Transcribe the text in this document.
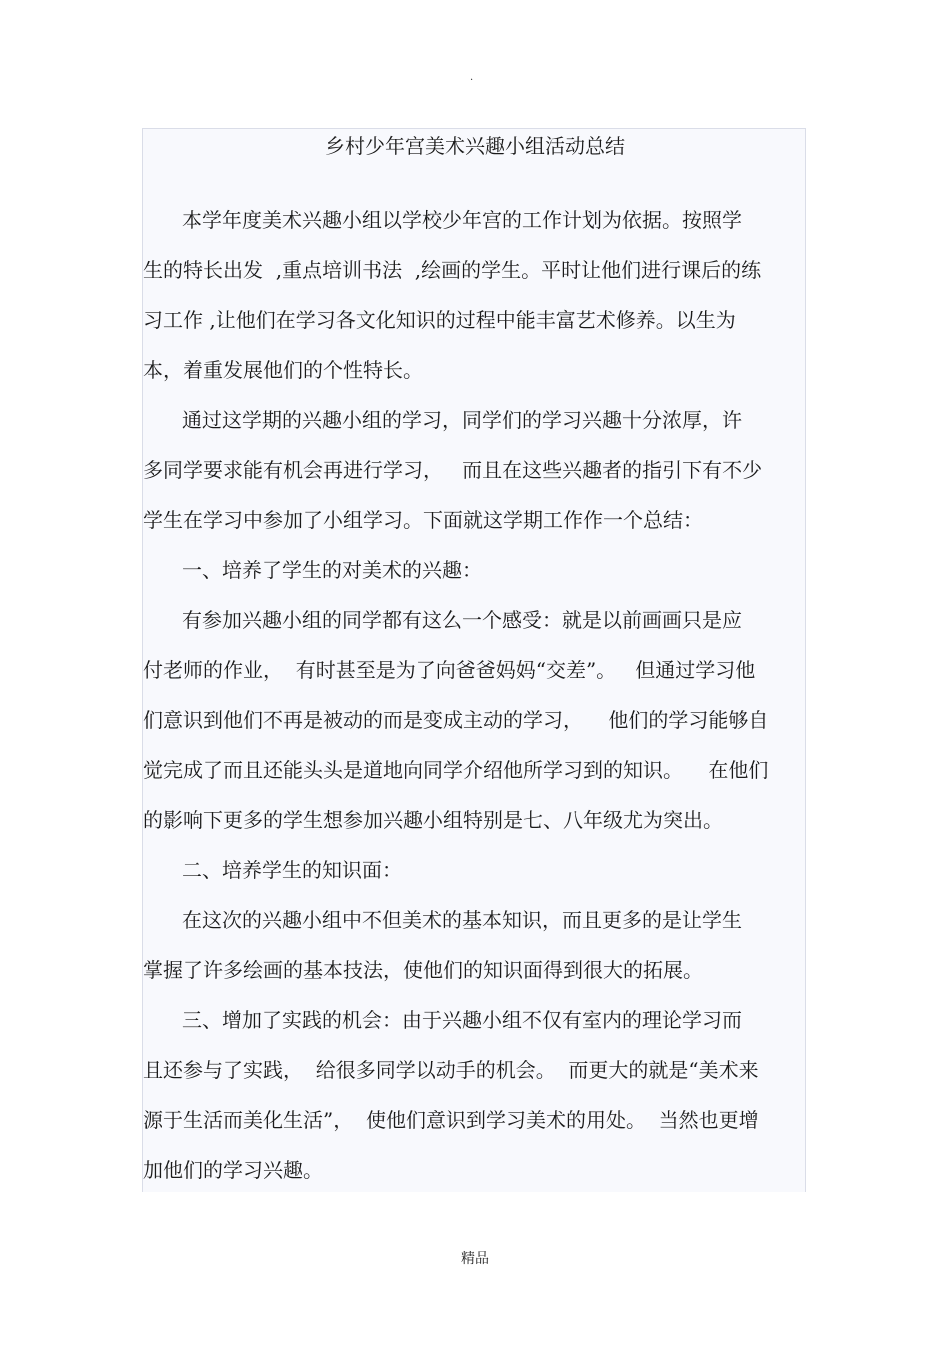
.
乡村少年宫美术兴趣小组活动总结
本学年度美术兴趣小组以学校少年宫的工作计划为依据。按照学
生的特长出发  ,重点培训书法  ,绘画的学生。平时让他们进行课后的练
习工作 ,让他们在学习各文化知识的过程中能丰富艺术修养。以生为
本，着重发展他们的个性特长。
通过这学期的兴趣小组的学习，同学们的学习兴趣十分浓厚，许
多同学要求能有机会再进行学习，   而且在这些兴趣者的指引下有不少
学生在学习中参加了小组学习。下面就这学期工作作一个总结：
一、培养了学生的对美术的兴趣：
有参加兴趣小组的同学都有这么一个感受：就是以前画画只是应
付老师的作业，  有时甚至是为了向爸爸妈妈“交差”。   但通过学习他
们意识到他们不再是被动的而是变成主动的学习，    他们的学习能够自
觉完成了而且还能头头是道地向同学介绍他所学习到的知识。    在他们
的影响下更多的学生想参加兴趣小组特别是七、八年级尤为突出。
二、培养学生的知识面：
在这次的兴趣小组中不但美术的基本知识，而且更多的是让学生
掌握了许多绘画的基本技法，使他们的知识面得到很大的拓展。
三、增加了实践的机会：由于兴趣小组不仅有室内的理论学习而
且还参与了实践，  给很多同学以动手的机会。  而更大的就是“美术来
源于生活而美化生活”，  使他们意识到学习美术的用处。  当然也更增
加他们的学习兴趣。
精品
